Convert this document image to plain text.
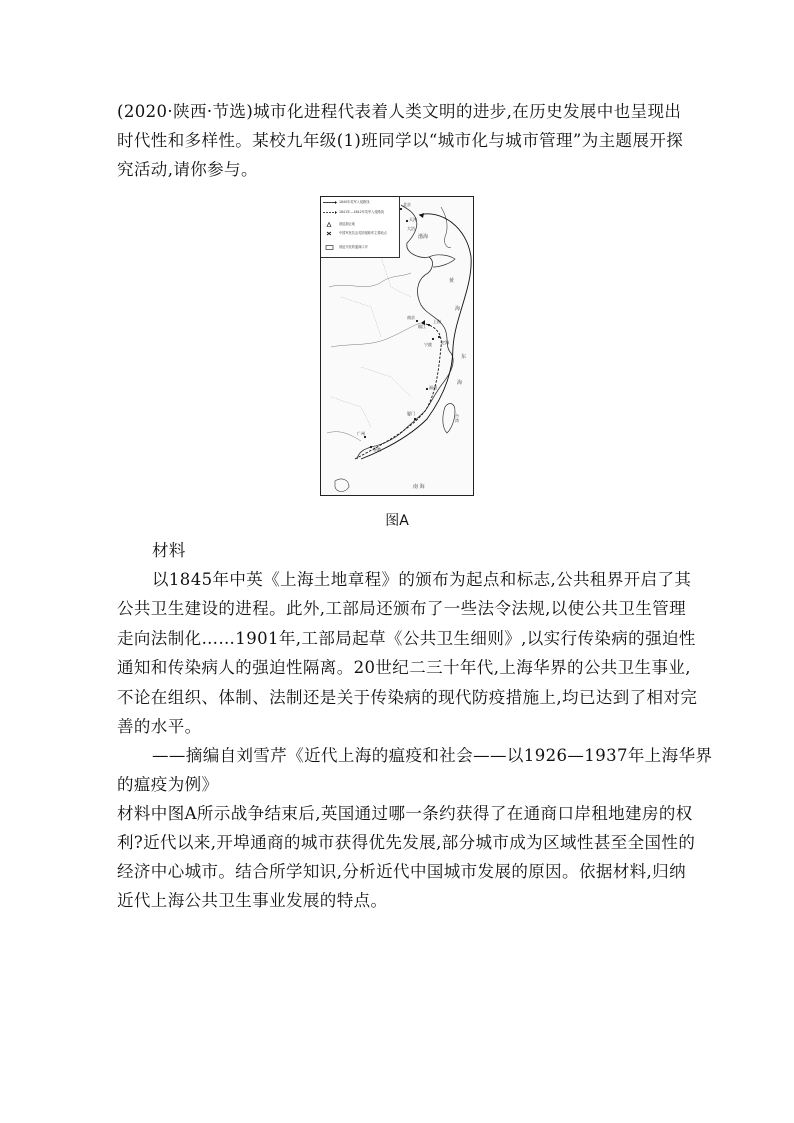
(2020·陕西·节选)城市化进程代表着人类文明的进步,在历史发展中也呈现出
时代性和多样性。某校九年级(1)班同学以“城市化与城市管理”为主题展开探
究活动,请你参与。
1840年英军入侵路线
1841年—1842年英军入侵路线
被迫割让地
中国军民抗击英国侵略军主要地点
被迫开放的通商口岸
渤海
黄
海
东
海
南 海
台湾
北京
天津
大沽
南京
镇江
上海
宁波 定海
福州
厦门
广州
香港
图A
材料
以1845年中英《上海土地章程》的颁布为起点和标志,公共租界开启了其
公共卫生建设的进程。此外,工部局还颁布了一些法令法规,以使公共卫生管理
走向法制化……1901年,工部局起草《公共卫生细则》,以实行传染病的强迫性
通知和传染病人的强迫性隔离。20世纪二三十年代,上海华界的公共卫生事业,
不论在组织、体制、法制还是关于传染病的现代防疫措施上,均已达到了相对完
善的水平。
——摘编自刘雪芹《近代上海的瘟疫和社会——以1926—1937年上海华界
的瘟疫为例》
材料中图A所示战争结束后,英国通过哪一条约获得了在通商口岸租地建房的权
利?近代以来,开埠通商的城市获得优先发展,部分城市成为区域性甚至全国性的
经济中心城市。结合所学知识,分析近代中国城市发展的原因。依据材料,归纳
近代上海公共卫生事业发展的特点。
